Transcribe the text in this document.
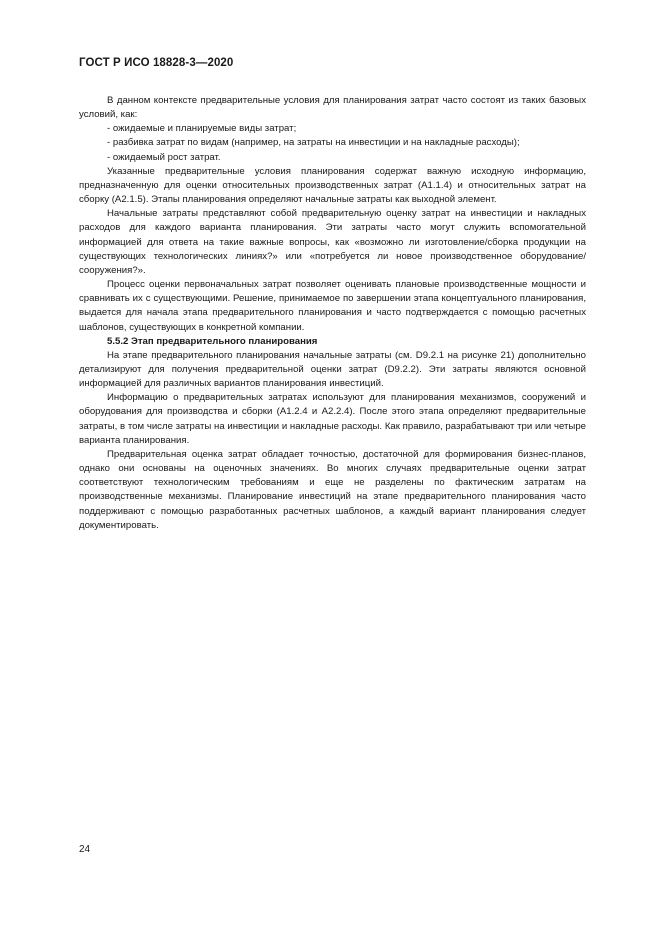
ГОСТ Р ИСО 18828-3—2020

В данном контексте предварительные условия для планирования затрат часто состоят из таких базовых условий, как:

- ожидаемые и планируемые виды затрат;

- разбивка затрат по видам (например, на затраты на инвестиции и на накладные расходы);

- ожидаемый рост затрат.

Указанные предварительные условия планирования содержат важную исходную информацию, предназначенную для оценки относительных производственных затрат (A1.1.4) и относительных затрат на сборку (A2.1.5). Этапы планирования определяют начальные затраты как выходной элемент.

Начальные затраты представляют собой предварительную оценку затрат на инвестиции и накладных расходов для каждого варианта планирования. Эти затраты часто могут служить вспомогательной информацией для ответа на такие важные вопросы, как «возможно ли изготовление/сборка продукции на существующих технологических линиях?» или «потребуется ли новое производственное оборудование/сооружения?».

Процесс оценки первоначальных затрат позволяет оценивать плановые производственные мощности и сравнивать их с существующими. Решение, принимаемое по завершении этапа концептуального планирования, выдается для начала этапа предварительного планирования и часто подтверждается с помощью расчетных шаблонов, существующих в конкретной компании.

5.5.2 Этап предварительного планирования

На этапе предварительного планирования начальные затраты (см. D9.2.1 на рисунке 21) дополнительно детализируют для получения предварительной оценки затрат (D9.2.2). Эти затраты являются основной информацией для различных вариантов планирования инвестиций.

Информацию о предварительных затратах используют для планирования механизмов, сооружений и оборудования для производства и сборки (A1.2.4 и A2.2.4). После этого этапа определяют предварительные затраты, в том числе затраты на инвестиции и накладные расходы. Как правило, разрабатывают три или четыре варианта планирования.

Предварительная оценка затрат обладает точностью, достаточной для формирования бизнес-планов, однако они основаны на оценочных значениях. Во многих случаях предварительные оценки затрат соответствуют технологическим требованиям и еще не разделены по фактическим затратам на производственные механизмы. Планирование инвестиций на этапе предварительного планирования часто поддерживают с помощью разработанных расчетных шаблонов, а каждый вариант планирования следует документировать.

24
